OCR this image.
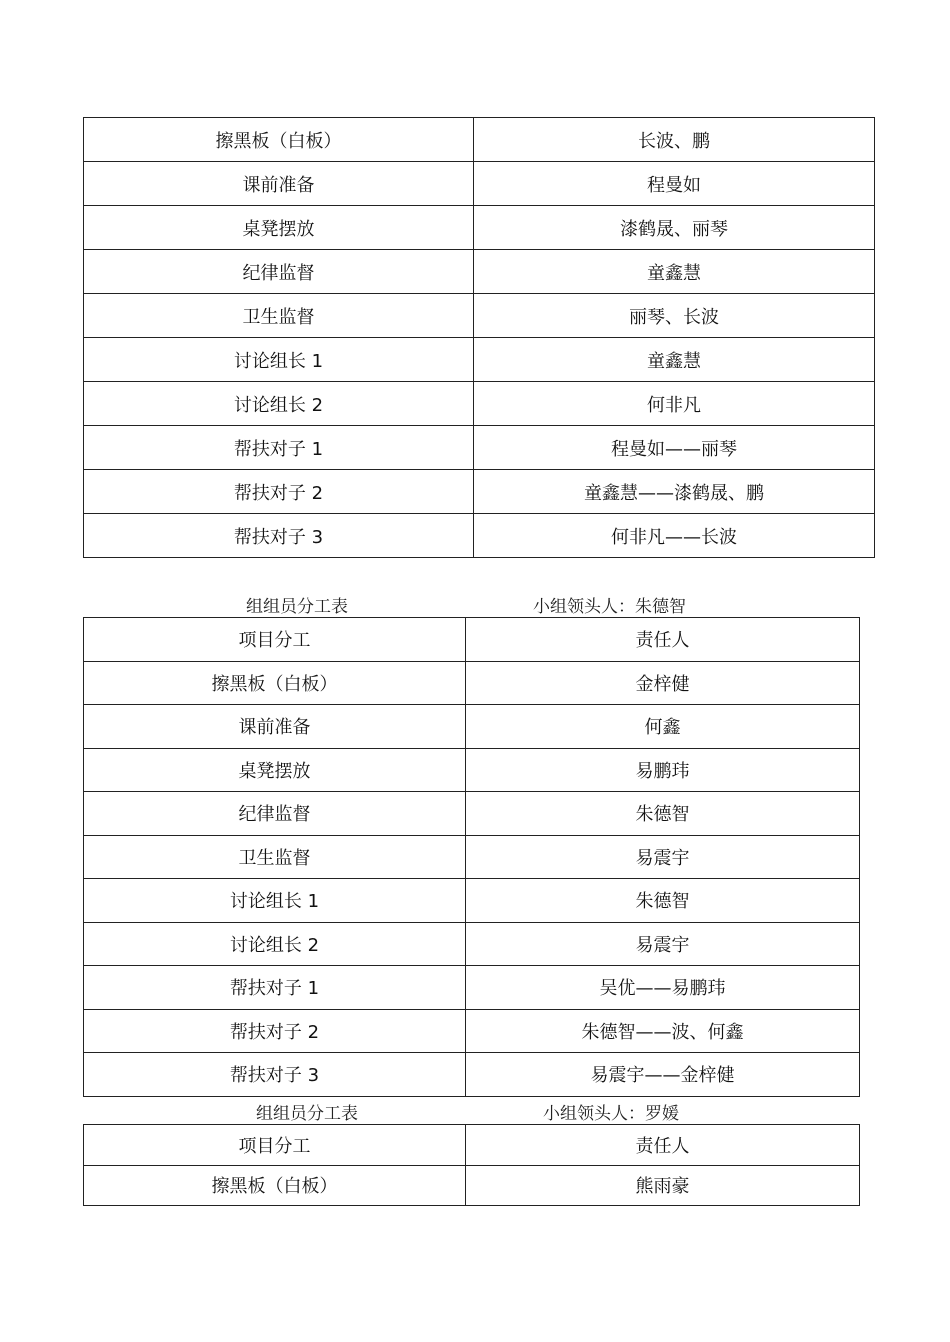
擦黑板（白板）	长波、鹏
课前准备	程曼如
桌凳摆放	漆鹤晟、丽琴
纪律监督	童鑫慧
卫生监督	丽琴、长波
讨论组长 1	童鑫慧
讨论组长 2	何非凡
帮扶对子 1	程曼如——丽琴
帮扶对子 2	童鑫慧——漆鹤晟、鹏
帮扶对子 3	何非凡——长波
组组员分工表	小组领头人：朱德智
项目分工	责任人
擦黑板（白板）	金梓健
课前准备	何鑫
桌凳摆放	易鹏玮
纪律监督	朱德智
卫生监督	易震宇
讨论组长 1	朱德智
讨论组长 2	易震宇
帮扶对子 1	吴优——易鹏玮
帮扶对子 2	朱德智——波、何鑫
帮扶对子 3	易震宇——金梓健
组组员分工表	小组领头人：罗媛
项目分工	责任人
擦黑板（白板）	熊雨豪
